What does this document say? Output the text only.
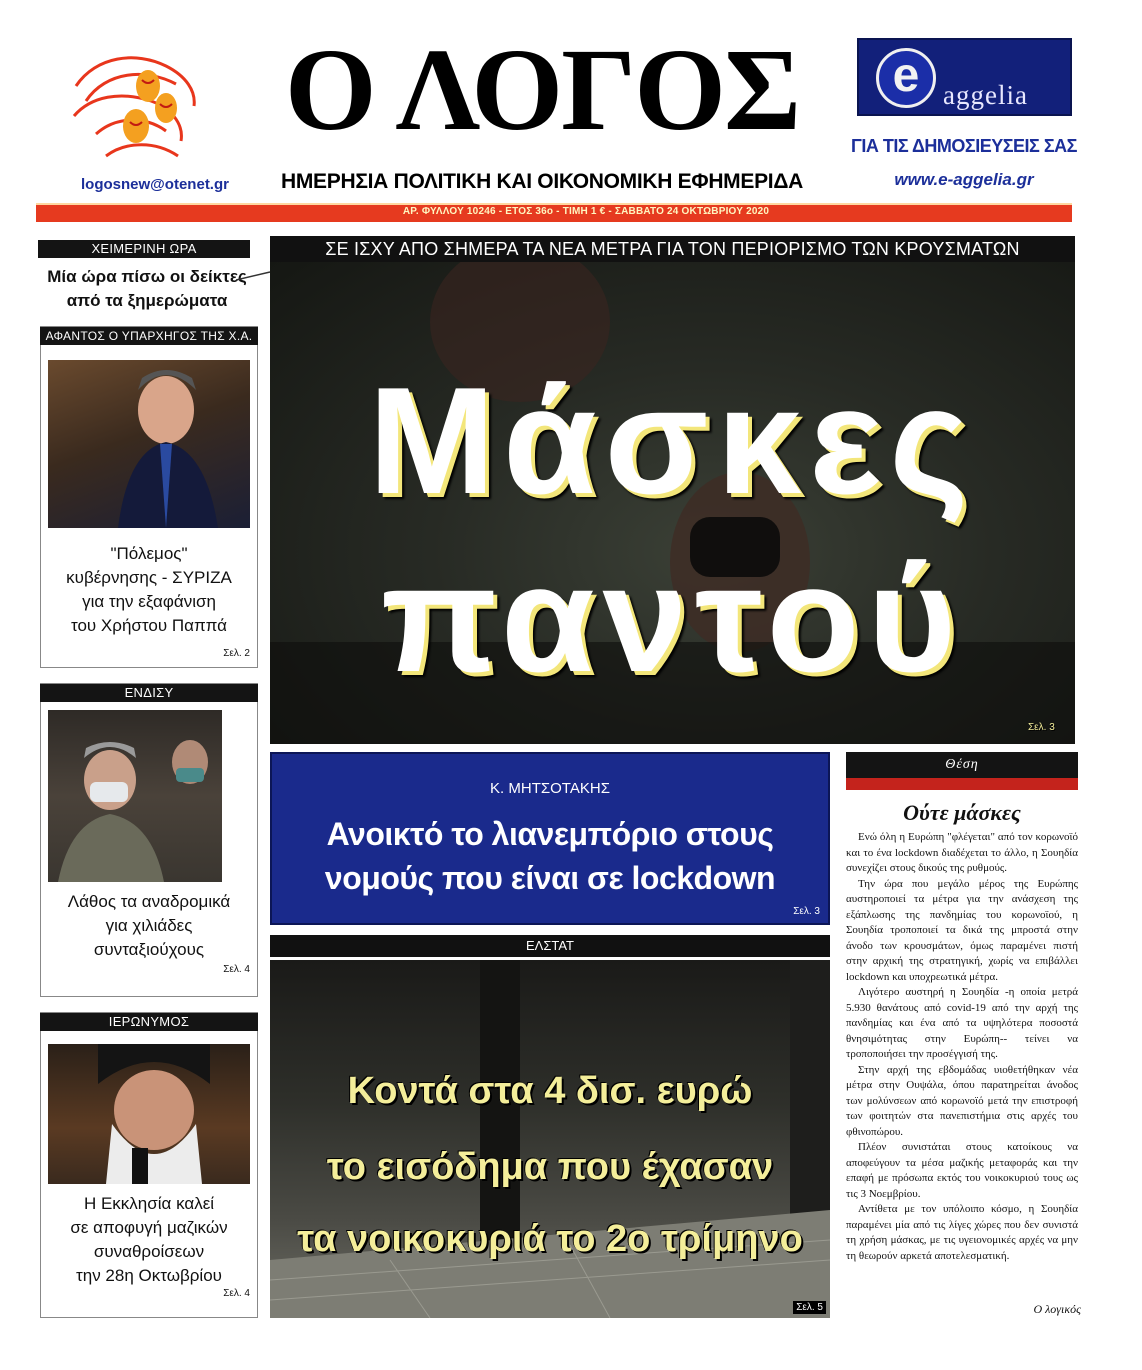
logosnew@otenet.gr
Ο ΛΟΓΟΣ
ΗΜΕΡΗΣΙΑ ΠΟΛΙΤΙΚΗ ΚΑΙ ΟΙΚΟΝΟΜΙΚΗ ΕΦΗΜΕΡΙΔΑ
e aggelia
ΓΙΑ ΤΙΣ ΔΗΜΟΣΙΕΥΣΕΙΣ ΣΑΣ
www.e-aggelia.gr
ΑΡ. ΦΥΛΛΟΥ 10246 - ΕΤΟΣ 36ο - ΤΙΜΗ 1 € - ΣΑΒΒΑΤΟ 24 ΟΚΤΩΒΡΙΟΥ 2020
ΧΕΙΜΕΡΙΝΗ ΩΡΑ
Μία ώρα πίσω οι δείκτες από τα ξημερώματα
ΑΦΑΝΤΟΣ Ο ΥΠΑΡΧΗΓΟΣ ΤΗΣ Χ.Α.
"Πόλεμος"
κυβέρνησης - ΣΥΡΙΖΑ
για την εξαφάνιση
του Χρήστου Παππά
Σελ. 2
ΕΝΔΙΣΥ
Λάθος τα αναδρομικά
για χιλιάδες
συνταξιούχους
Σελ. 4
ΙΕΡΩΝΥΜΟΣ
Η Εκκλησία καλεί
σε αποφυγή μαζικών
συναθροίσεων
την 28η Οκτωβρίου
Σελ. 4
ΣΕ ΙΣΧΥ ΑΠΟ ΣΗΜΕΡΑ ΤΑ ΝΕΑ ΜΕΤΡΑ ΓΙΑ ΤΟΝ ΠΕΡΙΟΡΙΣΜΟ ΤΩΝ ΚΡΟΥΣΜΑΤΩΝ
Μάσκες
παντού
Σελ. 3
Κ. ΜΗΤΣΟΤΑΚΗΣ
Ανοικτό το λιανεμπόριο στους νομούς που είναι σε lockdown
Σελ. 3
ΕΛΣΤΑΤ
Κοντά στα 4 δισ. ευρώ
το εισόδημα που έχασαν
τα νοικοκυριά το 2ο τρίμηνο
Σελ. 5
Θέση
Ούτε μάσκες

Ενώ όλη η Ευρώπη "φλέγεται" από τον κορωνοϊό και το ένα lockdown διαδέχεται το άλλο, η Σουηδία συνεχίζει στους δικούς της ρυθμούς.

Την ώρα που μεγάλο μέρος της Ευρώπης αυστηροποιεί τα μέτρα για την ανάσχεση της εξάπλωσης της πανδημίας του κορωνοϊού, η Σουηδία τροποποιεί τα δικά της μπροστά στην άνοδο των κρουσμάτων, όμως παραμένει πιστή στην αρχική της στρατηγική, χωρίς να επιβάλλει lockdown και υποχρεωτικά μέτρα.

Λιγότερο αυστηρή η Σουηδία -η οποία μετρά 5.930 θανάτους από covid-19 από την αρχή της πανδημίας και ένα από τα υψηλότερα ποσοστά θνησιμότητας στην Ευρώπη-- τείνει να τροποποιήσει την προσέγγισή της.

Στην αρχή της εβδομάδας υιοθετήθηκαν νέα μέτρα στην Ουψάλα, όπου παρατηρείται άνοδος των μολύνσεων από κορωνοϊό μετά την επιστροφή των φοιτητών στα πανεπιστήμια στις αρχές του φθινοπώρου.

Πλέον συνιστάται στους κατοίκους να αποφεύγουν τα μέσα μαζικής μεταφοράς και την επαφή με πρόσωπα εκτός του νοικοκυριού τους ως τις 3 Νοεμβρίου.

Αντίθετα με τον υπόλοιπο κόσμο, η Σουηδία παραμένει μία από τις λίγες χώρες που δεν συνιστά τη χρήση μάσκας, με τις υγειονομικές αρχές να μην τη θεωρούν αρκετά αποτελεσματική.

Ο λογικός
